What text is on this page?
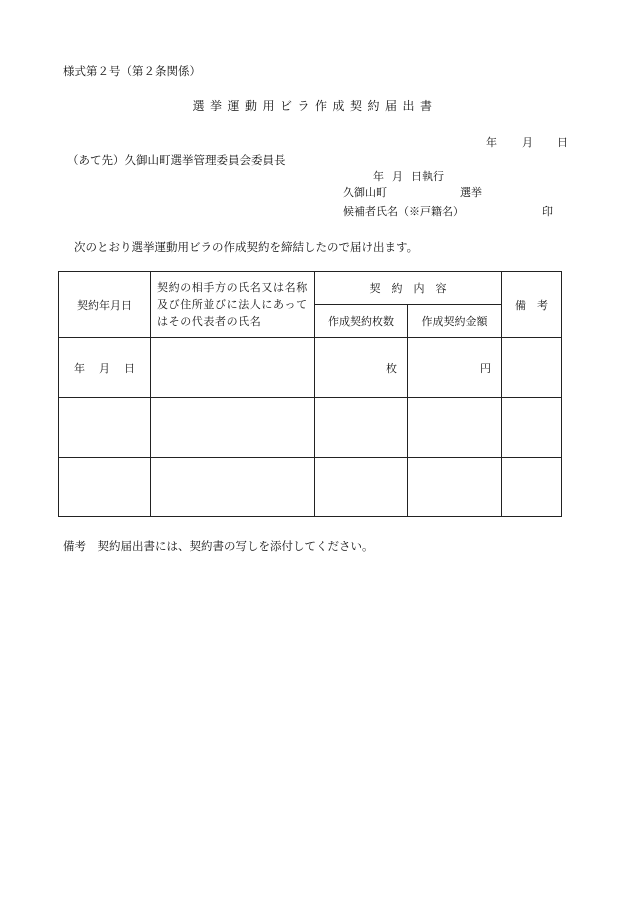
様式第２号（第２条関係）
選挙運動用ビラ作成契約届出書
年 月 日
（あて先）久御山町選挙管理委員会委員長
年 月 日執行
久御山町	選挙
候補者氏名（※戸籍名）	印
次のとおり選挙運動用ビラの作成契約を締結したので届け出ます。
契約年月日	契約の相手方の氏名又は名称及び住所並びに法人にあってはその代表者の氏名	契　約　内　容		備　考
		作成契約枚数	作成契約金額	
年 月 日		枚	円	

備考　契約届出書には、契約書の写しを添付してください。
